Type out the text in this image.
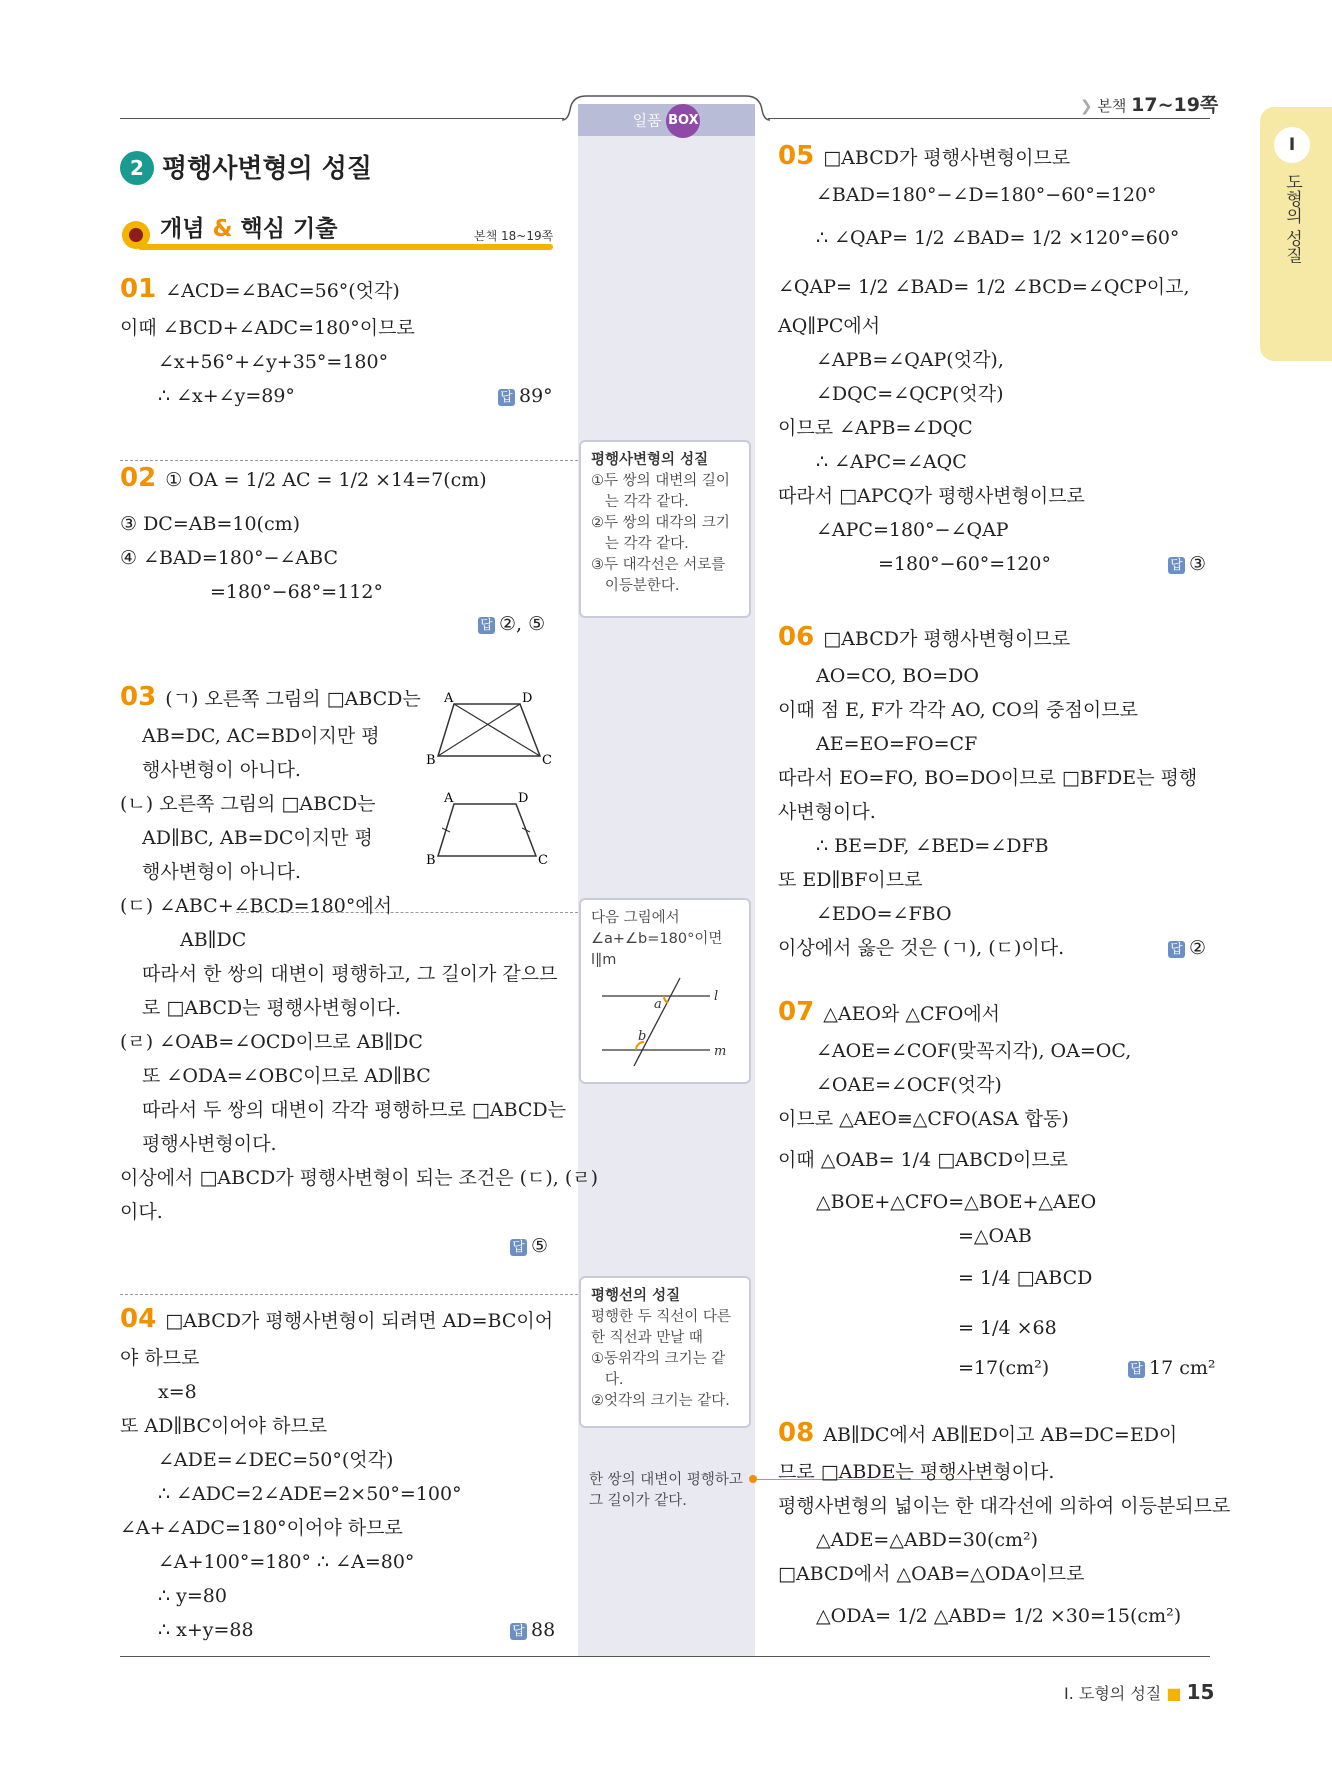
일품 BOX
❯ 본책 17~19쪽
I
도형의 성질
2 평행사변형의 성질
개념 & 핵심 기출	본책 18~19쪽
01 ∠ACD=∠BAC=56°(엇각)
이때 ∠BCD+∠ADC=180°이므로
∠x+56°+∠y+35°=180°
∴ ∠x+∠y=89°	답 89°
02 ① OA = 1/2 AC = 1/2 ×14=7(cm)
③ DC=AB=10(cm)
④ ∠BAD=180°−∠ABC
=180°−68°=112°
답 ②, ⑤
03 (ㄱ) 오른쪽 그림의 □ABCD는
AB=DC, AC=BD이지만 평
행사변형이 아니다.
(ㄴ) 오른쪽 그림의 □ABCD는
AD∥BC, AB=DC이지만 평
행사변형이 아니다.
(ㄷ) ∠ABC+∠BCD=180°에서
AB∥DC
따라서 한 쌍의 대변이 평행하고, 그 길이가 같으므
로 □ABCD는 평행사변형이다.
(ㄹ) ∠OAB=∠OCD이므로 AB∥DC
또 ∠ODA=∠OBC이므로 AD∥BC
따라서 두 쌍의 대변이 각각 평행하므로 □ABCD는
평행사변형이다.
이상에서 □ABCD가 평행사변형이 되는 조건은 (ㄷ), (ㄹ)
이다.
답 ⑤
04 □ABCD가 평행사변형이 되려면 AD=BC이어
야 하므로
x=8
또 AD∥BC이어야 하므로
∠ADE=∠DEC=50°(엇각)
∴ ∠ADC=2∠ADE=2×50°=100°
∠A+∠ADC=180°이어야 하므로
∠A+100°=180° ∴ ∠A=80°
∴ y=80
∴ x+y=88	답 88
05 □ABCD가 평행사변형이므로
∠BAD=180°−∠D=180°−60°=120°
∴ ∠QAP= 1/2 ∠BAD= 1/2 ×120°=60°
∠QAP= 1/2 ∠BAD= 1/2 ∠BCD=∠QCP이고,
AQ∥PC에서
∠APB=∠QAP(엇각),
∠DQC=∠QCP(엇각)
이므로 ∠APB=∠DQC
∴ ∠APC=∠AQC
따라서 □APCQ가 평행사변형이므로
∠APC=180°−∠QAP
=180°−60°=120°	답 ③
06 □ABCD가 평행사변형이므로
AO=CO, BO=DO
이때 점 E, F가 각각 AO, CO의 중점이므로
AE=EO=FO=CF
따라서 EO=FO, BO=DO이므로 □BFDE는 평행
사변형이다.
∴ BE=DF, ∠BED=∠DFB
또 ED∥BF이므로
∠EDO=∠FBO
이상에서 옳은 것은 (ㄱ), (ㄷ)이다.	답 ②
07 △AEO와 △CFO에서
∠AOE=∠COF(맞꼭지각), OA=OC,
∠OAE=∠OCF(엇각)
이므로 △AEO≡△CFO(ASA 합동)
이때 △OAB= 1/4 □ABCD이므로
△BOE+△CFO=△BOE+△AEO
=△OAB
= 1/4 □ABCD
= 1/4 ×68
=17(cm²)	답 17 cm²
08 AB∥DC에서 AB∥ED이고 AB=DC=ED이
므로 □ABDE는 평행사변형이다.
평행사변형의 넓이는 한 대각선에 의하여 이등분되므로
△ADE=△ABD=30(cm²)
□ABCD에서 △OAB=△ODA이므로
△ODA= 1/2 △ABD= 1/2 ×30=15(cm²)
평행사변형의 성질
①두 쌍의 대변의 길이
는 각각 같다.
②두 쌍의 대각의 크기
는 각각 같다.
③두 대각선은 서로를
이등분한다.
다음 그림에서
∠a+∠b=180°이면
l∥m
평행선의 성질
평행한 두 직선이 다른
한 직선과 만날 때
①동위각의 크기는 같
다.
②엇각의 크기는 같다.
한 쌍의 대변이 평행하고
그 길이가 같다.
a
b
l
m
A	D
B	C
A	D
B	C
I. 도형의 성질 ■ 15
